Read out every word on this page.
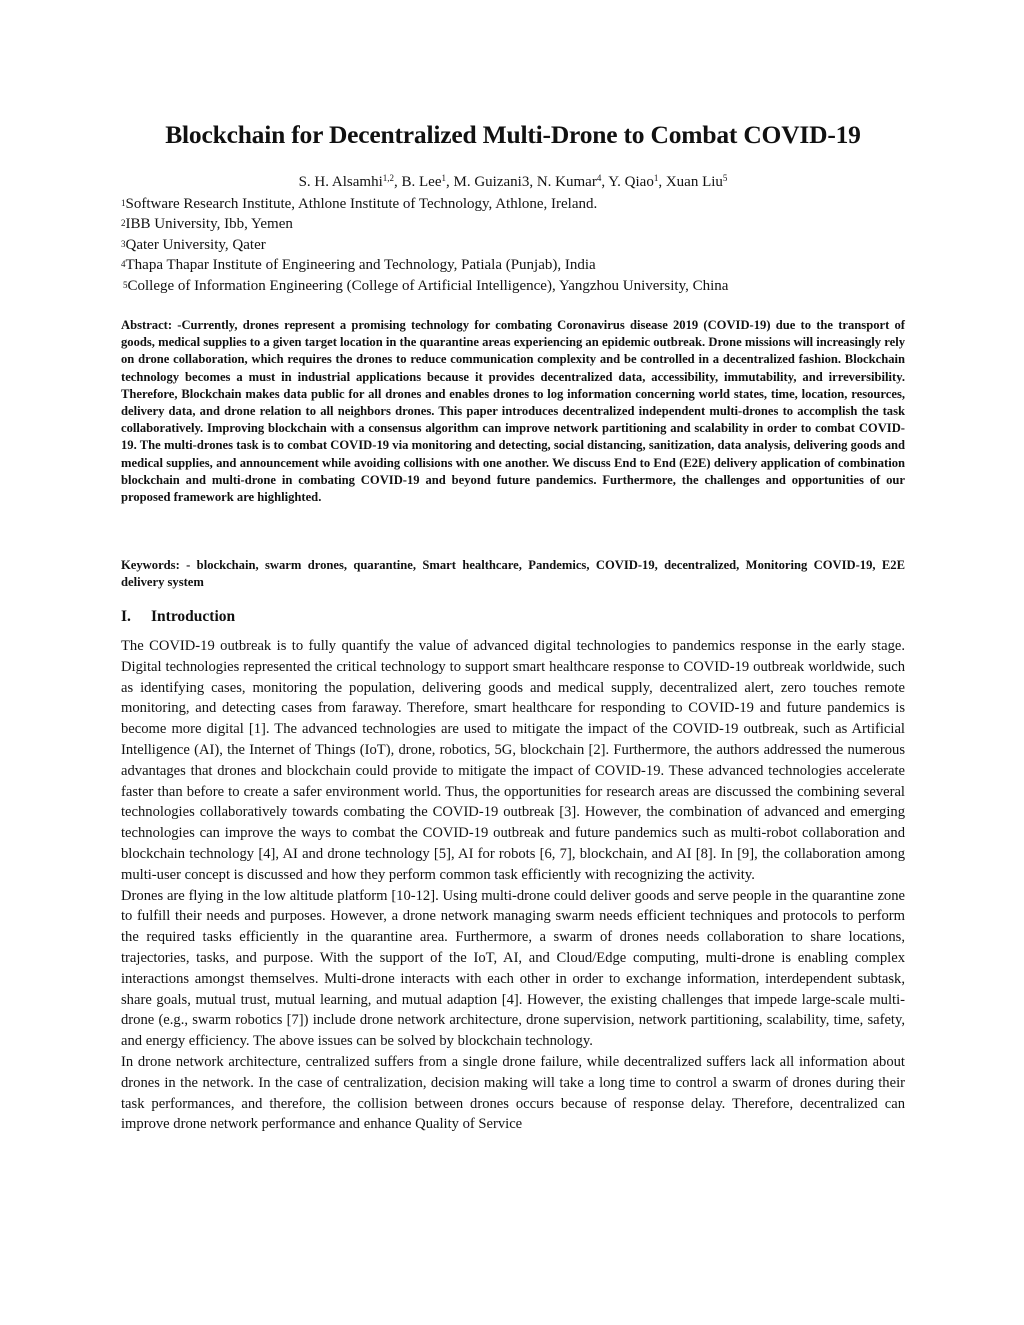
Blockchain for Decentralized Multi-Drone to Combat COVID-19
S. H. Alsamhi$^{1,2}$, B. Lee$^1$, M. Guizani3, N. Kumar$^4$, Y. Qiao$^1$, Xuan Liu$^5$
$^1$Software Research Institute, Athlone Institute of Technology, Athlone, Ireland.
$^2$IBB University, Ibb, Yemen
$^3$Qater University, Qater
$^4$Thapa Thapar Institute of Engineering and Technology, Patiala (Punjab), India
$^5$College of Information Engineering (College of Artificial Intelligence), Yangzhou University, China

Abstract: -Currently, drones represent a promising technology for combating Coronavirus disease 2019 (COVID-19) due to the transport of goods, medical supplies to a given target location in the quarantine areas experiencing an epidemic outbreak. Drone missions will increasingly rely on drone collaboration, which requires the drones to reduce communication complexity and be controlled in a decentralized fashion. Blockchain technology becomes a must in industrial applications because it provides decentralized data, accessibility, immutability, and irreversibility. Therefore, Blockchain makes data public for all drones and enables drones to log information concerning world states, time, location, resources, delivery data, and drone relation to all neighbors drones. This paper introduces decentralized independent multi-drones to accomplish the task collaboratively. Improving blockchain with a consensus algorithm can improve network partitioning and scalability in order to combat COVID-19. The multi-drones task is to combat COVID-19 via monitoring and detecting, social distancing, sanitization, data analysis, delivering goods and medical supplies, and announcement while avoiding collisions with one another. We discuss End to End (E2E) delivery application of combination blockchain and multi-drone in combating COVID-19 and beyond future pandemics. Furthermore, the challenges and opportunities of our proposed framework are highlighted.

Keywords: - blockchain, swarm drones, quarantine, Smart healthcare, Pandemics, COVID-19, decentralized, Monitoring COVID-19, E2E delivery system

I. Introduction

The COVID-19 outbreak is to fully quantify the value of advanced digital technologies to pandemics response in the early stage. Digital technologies represented the critical technology to support smart healthcare response to COVID-19 outbreak worldwide, such as identifying cases, monitoring the population, delivering goods and medical supply, decentralized alert, zero touches remote monitoring, and detecting cases from faraway. Therefore, smart healthcare for responding to COVID-19 and future pandemics is become more digital [1]. The advanced technologies are used to mitigate the impact of the COVID-19 outbreak, such as Artificial Intelligence (AI), the Internet of Things (IoT), drone, robotics, 5G, blockchain [2]. Furthermore, the authors addressed the numerous advantages that drones and blockchain could provide to mitigate the impact of COVID-19. These advanced technologies accelerate faster than before to create a safer environment world. Thus, the opportunities for research areas are discussed the combining several technologies collaboratively towards combating the COVID-19 outbreak [3]. However, the combination of advanced and emerging technologies can improve the ways to combat the COVID-19 outbreak and future pandemics such as multi-robot collaboration and blockchain technology [4], AI and drone technology [5], AI for robots [6, 7], blockchain, and AI [8]. In [9], the collaboration among multi-user concept is discussed and how they perform common task efficiently with recognizing the activity.

Drones are flying in the low altitude platform [10-12]. Using multi-drone could deliver goods and serve people in the quarantine zone to fulfill their needs and purposes. However, a drone network managing swarm needs efficient techniques and protocols to perform the required tasks efficiently in the quarantine area. Furthermore, a swarm of drones needs collaboration to share locations, trajectories, tasks, and purpose. With the support of the IoT, AI, and Cloud/Edge computing, multi-drone is enabling complex interactions amongst themselves. Multi-drone interacts with each other in order to exchange information, interdependent subtask, share goals, mutual trust, mutual learning, and mutual adaption [4]. However, the existing challenges that impede large-scale multi-drone (e.g., swarm robotics [7]) include drone network architecture, drone supervision, network partitioning, scalability, time, safety, and energy efficiency. The above issues can be solved by blockchain technology.

In drone network architecture, centralized suffers from a single drone failure, while decentralized suffers lack all information about drones in the network. In the case of centralization, decision making will take a long time to control a swarm of drones during their task performances, and therefore, the collision between drones occurs because of response delay. Therefore, decentralized can improve drone network performance and enhance Quality of Service
